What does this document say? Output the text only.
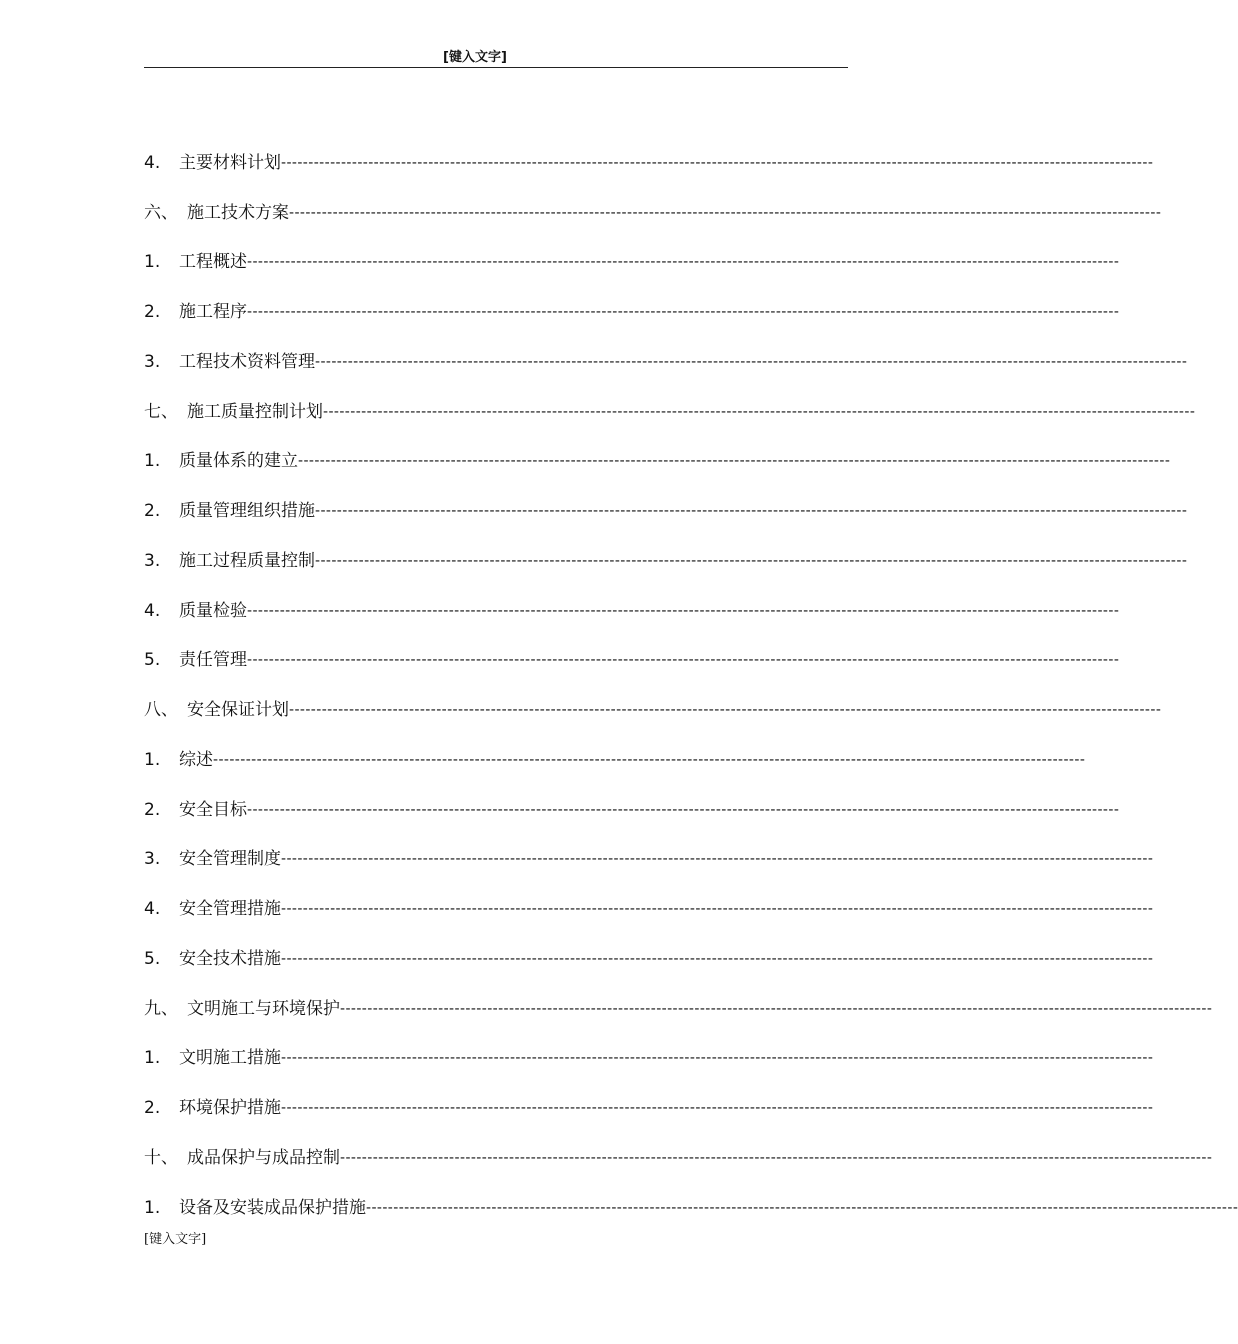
[键入文字]
4.	主要材料计划 ----------------------------------------------------------------------------------------------------------------------------------------------------------------
六、 施工技术方案 ----------------------------------------------------------------------------------------------------------------------------------------------------------------
1.	工程概述 ----------------------------------------------------------------------------------------------------------------------------------------------------------------
2.	施工程序 ----------------------------------------------------------------------------------------------------------------------------------------------------------------
3.	工程技术资料管理 ----------------------------------------------------------------------------------------------------------------------------------------------------------------
七、 施工质量控制计划 ----------------------------------------------------------------------------------------------------------------------------------------------------------------
1.	质量体系的建立 ----------------------------------------------------------------------------------------------------------------------------------------------------------------
2.	质量管理组织措施 ----------------------------------------------------------------------------------------------------------------------------------------------------------------
3.	施工过程质量控制 ----------------------------------------------------------------------------------------------------------------------------------------------------------------
4.	质量检验 ----------------------------------------------------------------------------------------------------------------------------------------------------------------
5.	责任管理 ----------------------------------------------------------------------------------------------------------------------------------------------------------------
八、 安全保证计划 ----------------------------------------------------------------------------------------------------------------------------------------------------------------
1.	综述 ----------------------------------------------------------------------------------------------------------------------------------------------------------------
2.	安全目标 ----------------------------------------------------------------------------------------------------------------------------------------------------------------
3.	安全管理制度 ----------------------------------------------------------------------------------------------------------------------------------------------------------------
4.	安全管理措施 ----------------------------------------------------------------------------------------------------------------------------------------------------------------
5.	安全技术措施 ----------------------------------------------------------------------------------------------------------------------------------------------------------------
九、 文明施工与环境保护 ----------------------------------------------------------------------------------------------------------------------------------------------------------------
1.	文明施工措施 ----------------------------------------------------------------------------------------------------------------------------------------------------------------
2.	环境保护措施 ----------------------------------------------------------------------------------------------------------------------------------------------------------------
十、 成品保护与成品控制 ----------------------------------------------------------------------------------------------------------------------------------------------------------------
1.	设备及安装成品保护措施 ----------------------------------------------------------------------------------------------------------------------------------------------------------------
[键入文字]
